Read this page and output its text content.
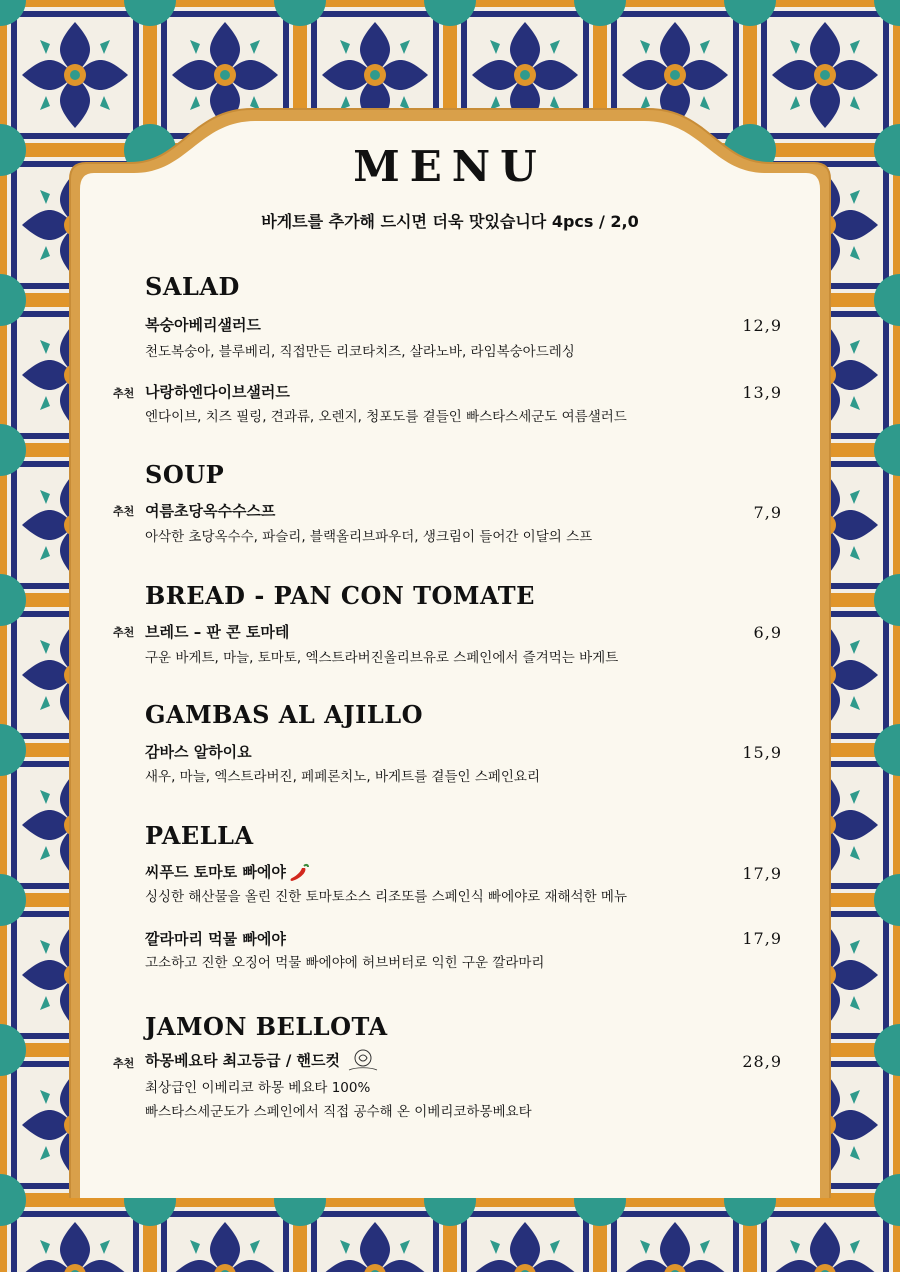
MENU
바게트를 추가해 드시면 더욱 맛있습니다 4pcs / 2,0
SALAD
복숭아베리샐러드	12,9
천도복숭아, 블루베리, 직접만든 리코타치즈, 살라노바, 라임복숭아드레싱
추천 나랑하엔다이브샐러드	13,9
엔다이브, 치즈 필링, 견과류, 오렌지, 청포도를 곁들인 빠스타스세군도 여름샐러드
SOUP
추천 여름초당옥수수스프	7,9
아삭한 초당옥수수, 파슬리, 블랙올리브파우더, 생크림이 들어간 이달의 스프
BREAD - PAN CON TOMATE
추천 브레드 – 판 콘 토마테	6,9
구운 바게트, 마늘, 토마토, 엑스트라버진올리브유로 스페인에서 즐겨먹는 바게트
GAMBAS AL AJILLO
감바스 알하이요	15,9
새우, 마늘, 엑스트라버진, 페페론치노, 바게트를 곁들인 스페인요리
PAELLA
씨푸드 토마토 빠에야	17,9
싱싱한 해산물을 올린 진한 토마토소스 리조또를 스페인식 빠에야로 재해석한 메뉴
깔라마리 먹물 빠에야	17,9
고소하고 진한 오징어 먹물 빠에야에 허브버터로 익힌 구운 깔라마리
JAMON BELLOTA
추천 하몽베요타 최고등급 / 핸드컷	28,9
최상급인 이베리코 하몽 베요타 100%
빠스타스세군도가 스페인에서 직접 공수해 온 이베리코하몽베요타
